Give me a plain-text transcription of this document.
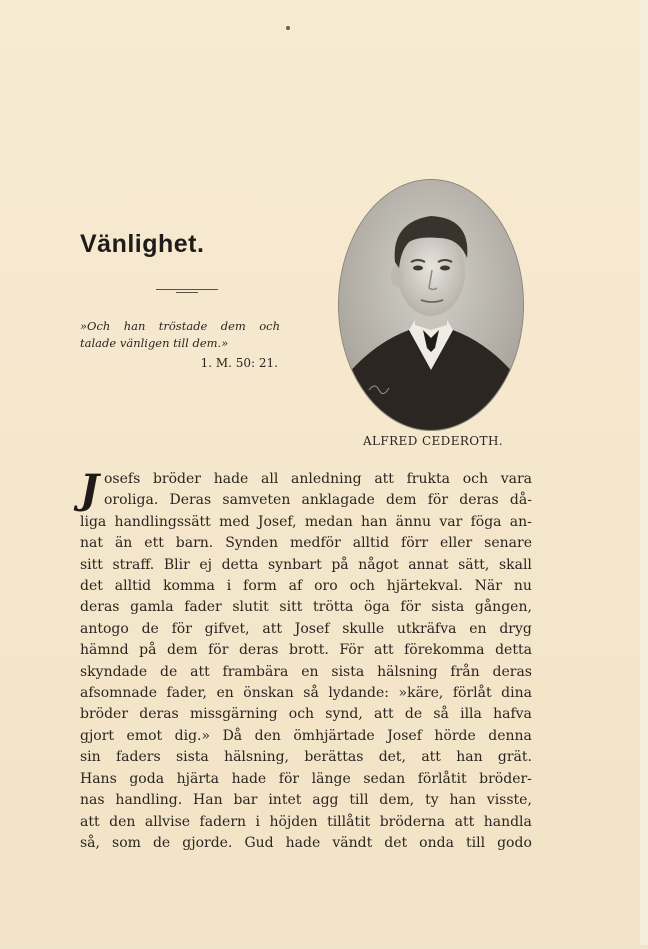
Vänlighet.
»Och han tröstade dem och talade vänligen till dem.»
1. M. 50: 21.
ALFRED CEDEROTH.
J osefs bröder hade all anledning att frukta och vara
oroliga. Deras samveten anklagade dem för deras då-
liga handlingssätt med Josef, medan han ännu var föga an-
nat än ett barn. Synden medför alltid förr eller senare
sitt straff. Blir ej detta synbart på något annat sätt, skall
det alltid komma i form af oro och hjärtekval. När nu
deras gamla fader slutit sitt trötta öga för sista gången,
antogo de för gifvet, att Josef skulle utkräfva en dryg
hämnd på dem för deras brott. För att förekomma detta
skyndade de att frambära en sista hälsning från deras
afsomnade fader, en önskan så lydande: »käre, förlåt dina
bröder deras missgärning och synd, att de så illa hafva
gjort emot dig.» Då den ömhjärtade Josef hörde denna
sin faders sista hälsning, berättas det, att han grät.
Hans goda hjärta hade för länge sedan förlåtit bröder-
nas handling. Han bar intet agg till dem, ty han visste,
att den allvise fadern i höjden tillåtit bröderna att handla
så, som de gjorde. Gud hade vändt det onda till godo
